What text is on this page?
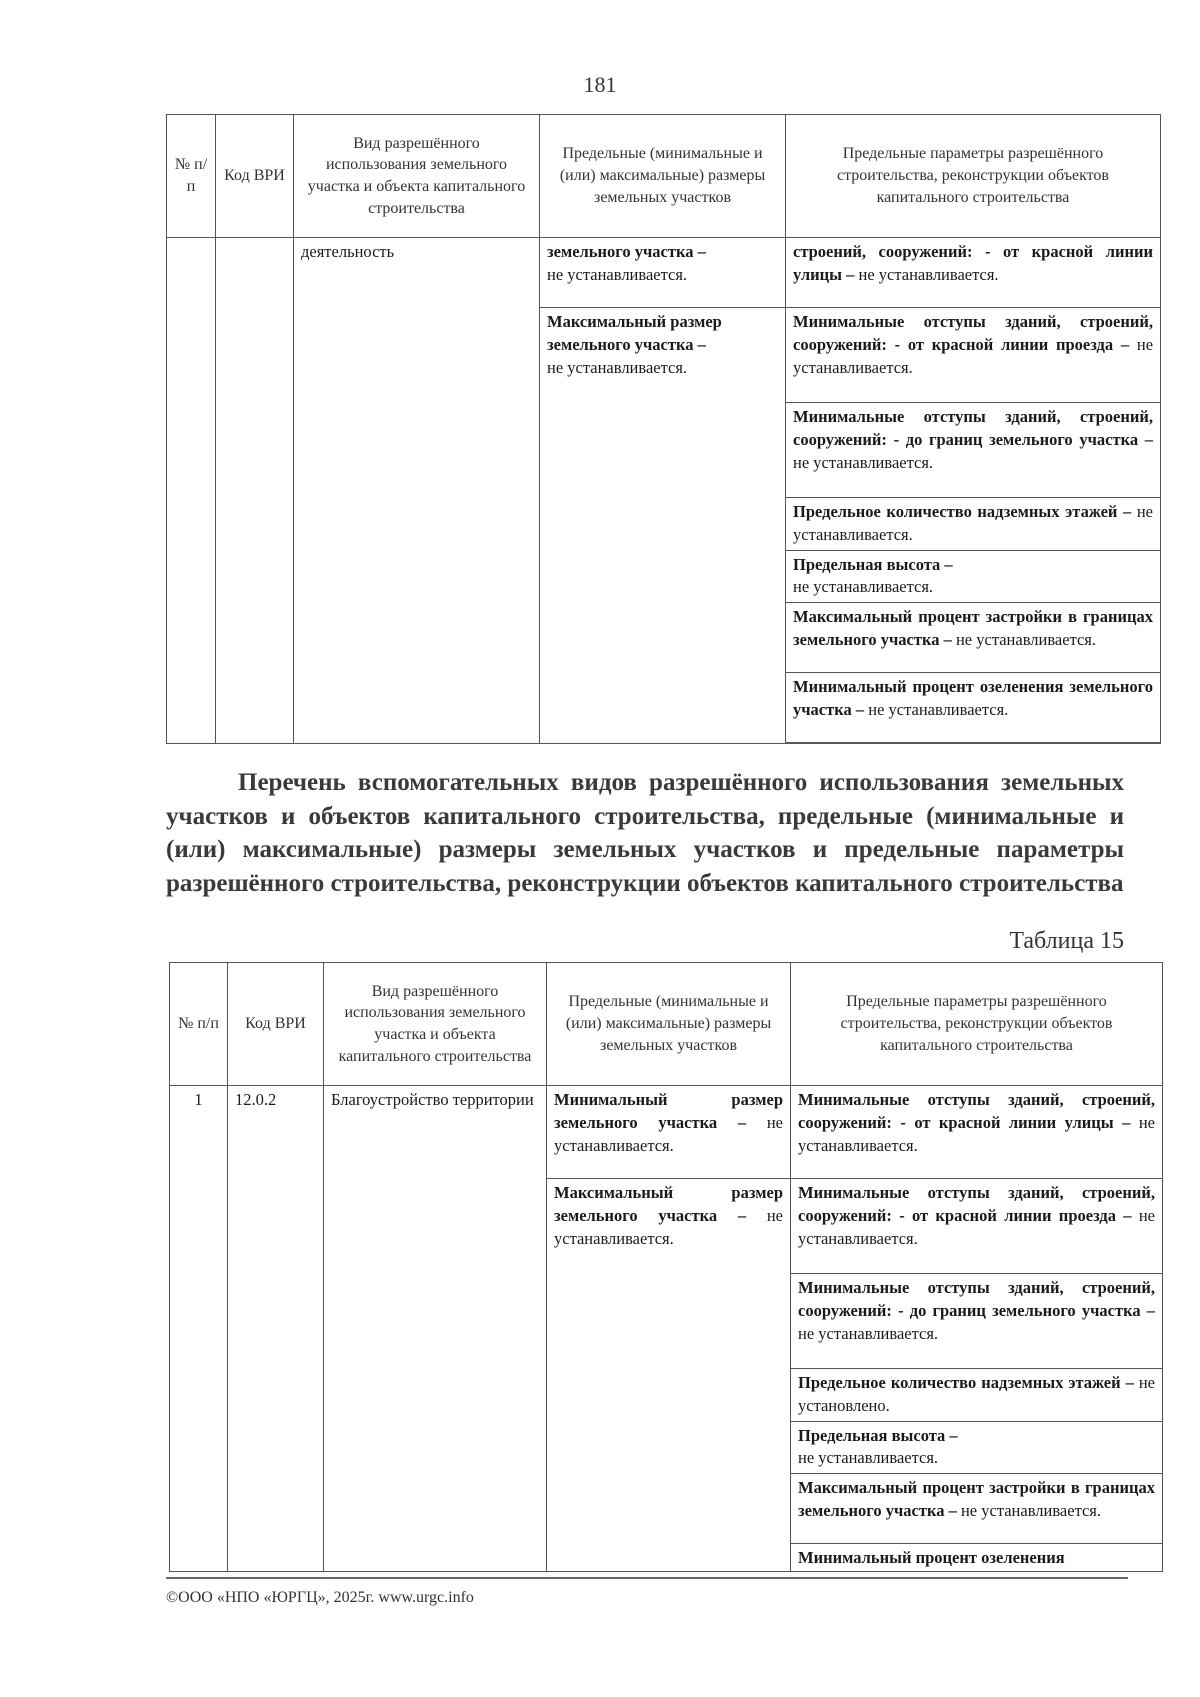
181
№ п/п	Код ВРИ	Вид разрешённого использования земельного участка и объекта капитального строительства	Предельные (минимальные и (или) максимальные) размеры земельных участков	Предельные параметры разрешённого строительства, реконструкции объектов капитального строительства
		деятельность	земельного участка –
не устанавливается.	строений, сооружений: - от красной линии улицы – не устанавливается.
			Максимальный размер земельного участка –
не устанавливается.	Минимальные отступы зданий, строений, сооружений: - от красной линии проезда – не устанавливается.
				Минимальные отступы зданий, строений, сооружений: - до границ земельного участка – не устанавливается.
				Предельное количество надземных этажей – не устанавливается.
				Предельная высота –
не устанавливается.
				Максимальный процент застройки в границах земельного участка – не устанавливается.
				Минимальный процент озеленения земельного участка – не устанавливается.

Перечень вспомогательных видов разрешённого использования земельных участков и объектов капитального строительства, предельные (минимальные и (или) максимальные) размеры земельных участков и предельные параметры разрешённого строительства, реконструкции объектов капитального строительства
Таблица 15
№ п/п	Код ВРИ	Вид разрешённого использования земельного участка и объекта капитального строительства	Предельные (минимальные и (или) максимальные) размеры земельных участков	Предельные параметры разрешённого строительства, реконструкции объектов капитального строительства
1	12.0.2	Благоустройство территории	Минимальный размер земельного участка – не устанавливается.	Минимальные отступы зданий, строений, сооружений: - от красной линии улицы – не устанавливается.
			Максимальный размер земельного участка – не устанавливается.	Минимальные отступы зданий, строений, сооружений: - от красной линии проезда – не устанавливается.
				Минимальные отступы зданий, строений, сооружений: - до границ земельного участка – не устанавливается.
				Предельное количество надземных этажей – не установлено.
				Предельная высота –
не устанавливается.
				Максимальный процент застройки в границах земельного участка – не устанавливается.
				Минимальный процент озеленения
©ООО «НПО «ЮРГЦ», 2025г. www.urgc.info
